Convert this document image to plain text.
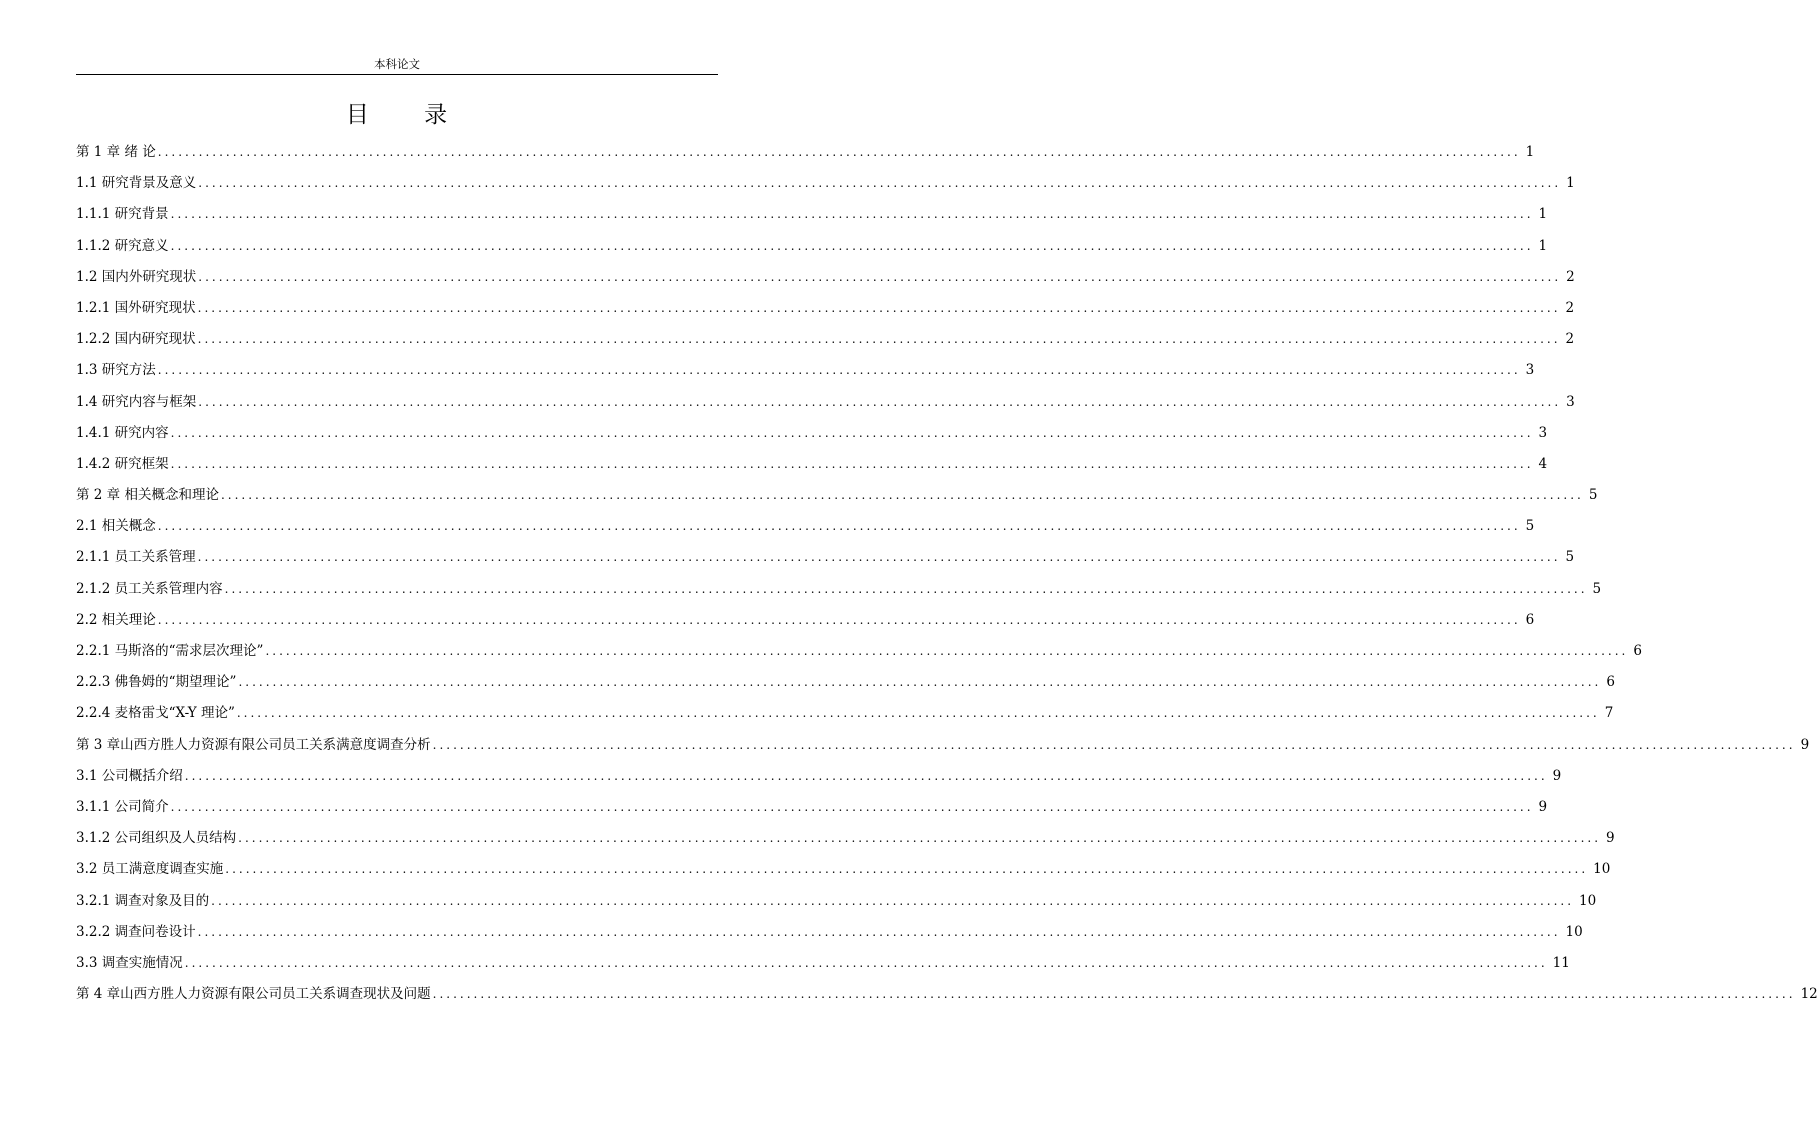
本科论文
目 录
第 1 章 绪 论 ........................................................................................................................................................................................................ 1
1.1 研究背景及意义 ........................................................................................................................................................................................................ 1
1.1.1 研究背景 ........................................................................................................................................................................................................ 1
1.1.2 研究意义 ........................................................................................................................................................................................................ 1
1.2 国内外研究现状 ........................................................................................................................................................................................................ 2
1.2.1 国外研究现状 ........................................................................................................................................................................................................ 2
1.2.2 国内研究现状 ........................................................................................................................................................................................................ 2
1.3 研究方法 ........................................................................................................................................................................................................ 3
1.4 研究内容与框架 ........................................................................................................................................................................................................ 3
1.4.1 研究内容 ........................................................................................................................................................................................................ 3
1.4.2 研究框架 ........................................................................................................................................................................................................ 4
第 2 章 相关概念和理论 ........................................................................................................................................................................................................ 5
2.1 相关概念 ........................................................................................................................................................................................................ 5
2.1.1 员工关系管理 ........................................................................................................................................................................................................ 5
2.1.2 员工关系管理内容 ........................................................................................................................................................................................................ 5
2.2 相关理论 ........................................................................................................................................................................................................ 6
2.2.1 马斯洛的“需求层次理论” ........................................................................................................................................................................................................ 6
2.2.3 佛鲁姆的“期望理论” ........................................................................................................................................................................................................ 6
2.2.4 麦格雷戈“X-Y 理论” ........................................................................................................................................................................................................ 7
第 3 章山西方胜人力资源有限公司员工关系满意度调查分析 ........................................................................................................................................................................................................ 9
3.1 公司概括介绍 ........................................................................................................................................................................................................ 9
3.1.1 公司简介 ........................................................................................................................................................................................................ 9
3.1.2 公司组织及人员结构 ........................................................................................................................................................................................................ 9
3.2 员工满意度调查实施 ........................................................................................................................................................................................................ 10
3.2.1 调查对象及目的 ........................................................................................................................................................................................................ 10
3.2.2 调查问卷设计 ........................................................................................................................................................................................................ 10
3.3 调查实施情况 ........................................................................................................................................................................................................ 11
第 4 章山西方胜人力资源有限公司员工关系调查现状及问题 ........................................................................................................................................................................................................ 12
